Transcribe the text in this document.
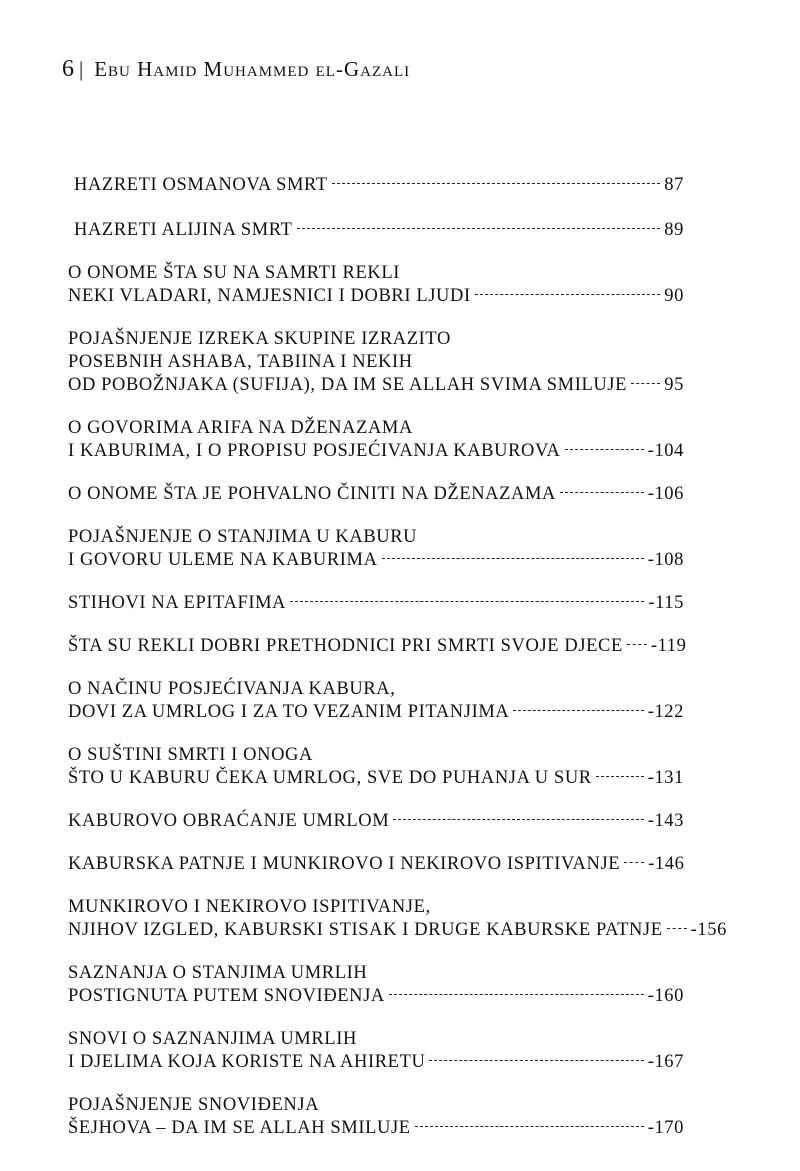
6 | Ebu Hamid Muhammed el-Gazali
HAZRETI OSMANOVA SMRT	87
HAZRETI ALIJINA SMRT	89
O ONOME ŠTA SU NA SAMRTI REKLI
NEKI VLADARI, NAMJESNICI I DOBRI LJUDI	90
POJAŠNJENJE IZREKA SKUPINE IZRAZITO
POSEBNIH ASHABA, TABIINA I NEKIH
OD POBOŽNJAKA (SUFIJA), DA IM SE ALLAH SVIMA SMILUJE 95
O GOVORIMA ARIFA NA DŽENAZAMA
I KABURIMA, I O PROPISU POSJEĆIVANJA KABUROVA	-104
O ONOME ŠTA JE POHVALNO ČINITI NA DŽENAZAMA	-106
POJAŠNJENJE O STANJIMA U KABURU
I GOVORU ULEME NA KABURIMA	-108
STIHOVI NA EPITAFIMA	-115
ŠTA SU REKLI DOBRI PRETHODNICI PRI SMRTI SVOJE DJECE -119
O NAČINU POSJEĆIVANJA KABURA,
DOVI ZA UMRLOG I ZA TO VEZANIM PITANJIMA	-122
O SUŠTINI SMRTI I ONOGA
ŠTO U KABURU ČEKA UMRLOG, SVE DO PUHANJA U SUR	-131
KABUROVO OBRAĆANJE UMRLOM	-143
KABURSKA PATNJE I MUNKIROVO I NEKIROVO ISPITIVANJE -146
MUNKIROVO I NEKIROVO ISPITIVANJE,
NJIHOV IZGLED, KABURSKI STISAK I DRUGE KABURSKE PATNJE -156
SAZNANJA O STANJIMA UMRLIH
POSTIGNUTA PUTEM SNOVIĐENJA	-160
SNOVI O SAZNANJIMA UMRLIH
I DJELIMA KOJA KORISTE NA AHIRETU	-167
POJAŠNJENJE SNOVIĐENJA
ŠEJHOVA – DA IM SE ALLAH SMILUJE	-170
